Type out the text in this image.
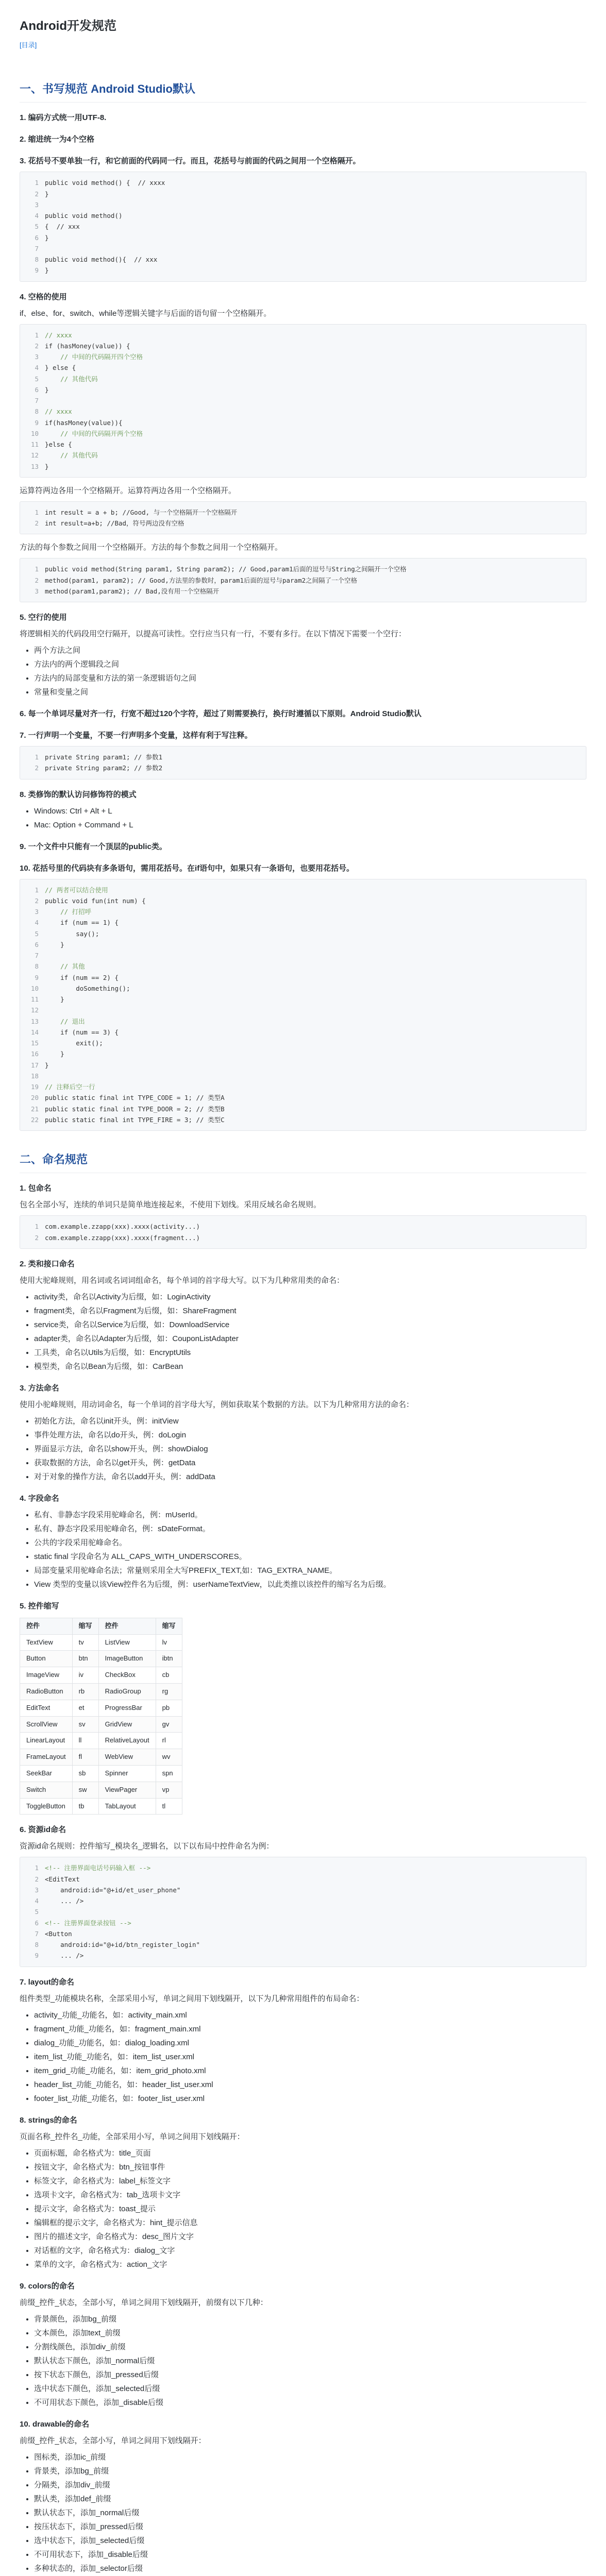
Android开发规范
[目录]
一、书写规范 Android Studio默认
1. 编码方式统一用UTF-8.
2. 缩进统一为4个空格
3. 花括号不要单独一行，和它前面的代码同一行。而且，花括号与前面的代码之间用一个空格隔开。
1 public void method() {  // xxxx
2 }
3
4 public void method()
5 {  // xxx
6 }
7
8 public void method(){  // xxx
9 }
4. 空格的使用

if、else、for、switch、while等逻辑关键字与后面的语句留一个空格隔开。

1 // xxxx
2 if (hasMoney(value)) {
3 // 中间的代码隔开四个空格
4 } else {
5 // 其他代码
6 }
7
8 // xxxx
9 if(hasMoney(value)){
10 // 中间的代码隔开两个空格
11 }else {
12 // 其他代码
13 }

运算符两边各用一个空格隔开。运算符两边各用一个空格隔开。

1 int result = a + b; //Good, 与一个空格隔开一个空格隔开
2 int result=a+b; //Bad，符号两边没有空格

方法的每个参数之间用一个空格隔开。方法的每个参数之间用一个空格隔开。

1 public void method(String param1, String param2); // Good,param1后面的逗号与String之间隔开一个空格
2 method(param1, param2); // Good,方法里的参数时，param1后面的逗号与param2之间隔了一个空格
3 method(param1,param2); // Bad,没有用一个空格隔开
5. 空行的使用

将逻辑相关的代码段用空行隔开，以提高可读性。空行应当只有一行，不要有多行。在以下情况下需要一个空行：

• 两个方法之间
• 方法内的两个逻辑段之间
• 方法内的局部变量和方法的第一条逻辑语句之间
• 常量和变量之间
6. 每一个单词尽量对齐一行，行宽不超过120个字符，超过了则需要换行，换行时遵循以下原则。Android Studio默认
7. 一行声明一个变量，不要一行声明多个变量，这样有利于写注释。
1 private String param1; // 参数1
2 private String param2; // 参数2
8. 类修饰的默认访问修饰符的模式
• Windows: Ctrl + Alt + L
• Mac: Option + Command + L
9. 一个文件中只能有一个顶层的public类。
10. 花括号里的代码块有多条语句，需用花括号。在if语句中，如果只有一条语句，也要用花括号。
1 // 两者可以结合使用
2 public void fun(int num) {
3 // 打招呼
4 if (num == 1) {
5 say();
6 }
7
8 // 其他
9 if (num == 2) {
10 doSomething();
11 }
12
13 // 退出
14 if (num == 3) {
15 exit();
16 }
17 }
18
19 // 注释后空一行
20 public static final int TYPE_CODE = 1; // 类型A
21 public static final int TYPE_DOOR = 2; // 类型B
22 public static final int TYPE_FIRE = 3; // 类型C
二、命名规范
1. 包命名

包名全部小写，连续的单词只是简单地连接起来，不使用下划线。采用反域名命名规则。

1 com.example.zzapp(xxx).xxxx(activity...)
2 com.example.zzapp(xxx).xxxx(fragment...)
2. 类和接口命名

使用大驼峰规则，用名词或名词词组命名，每个单词的首字母大写。以下为几种常用类的命名：

• activity类，命名以Activity为后缀，如：LoginActivity
• fragment类，命名以Fragment为后缀，如：ShareFragment
• service类，命名以Service为后缀，如：DownloadService
• adapter类，命名以Adapter为后缀，如：CouponListAdapter
• 工具类，命名以Utils为后缀，如：EncryptUtils
• 模型类，命名以Bean为后缀，如：CarBean
3. 方法命名

使用小驼峰规则，用动词命名，每一个单词的首字母大写，例如获取某个数据的方法。以下为几种常用方法的命名：

• 初始化方法，命名以init开头，例：initView
• 事件处理方法，命名以do开头，例：doLogin
• 界面显示方法，命名以show开头，例：showDialog
• 获取数据的方法，命名以get开头，例：getData
• 对于对象的操作方法，命名以add开头，例：addData
4. 字段命名
• 私有、非静态字段采用驼峰命名，例：mUserId。
• 私有、静态字段采用驼峰命名，例：sDateFormat。
• 公共的字段采用驼峰命名。
• static final 字段命名为 ALL_CAPS_WITH_UNDERSCORES。
• 局部变量采用驼峰命名法；常量则采用全大写PREFIX_TEXT,如：TAG_EXTRA_NAME。
• View 类型的变量以该View控件名为后缀，例：userNameTextView，以此类推以该控件的缩写名为后缀。
5. 控件缩写
控件	缩写	控件	缩写
TextView	tv	ListView	lv
Button	btn	ImageButton	ibtn
ImageView	iv	CheckBox	cb
RadioButton	rb	RadioGroup	rg
EditText	et	ProgressBar	pb
ScrollView	sv	GridView	gv
LinearLayout	ll	RelativeLayout	rl
FrameLayout	fl	WebView	wv
SeekBar	sb	Spinner	spn
Switch	sw	ViewPager	vp
ToggleButton	tb	TabLayout	tl
6. 资源id命名

资源id命名规则：控件缩写_模块名_逻辑名，以下以布局中控件命名为例：

1 <!-- 注册界面电话号码输入框 -->
2 <EditText
3 android:id="@+id/et_user_phone"
4 ... />
5
6 <!-- 注册界面登录按钮 -->
7 <Button
8 android:id="@+id/btn_register_login"
9 ... />
7. layout的命名

组件类型_功能模块名称，全部采用小写，单词之间用下划线隔开，以下为几种常用组件的布局命名：

• activity_功能_功能名，如：activity_main.xml
• fragment_功能_功能名，如：fragment_main.xml
• dialog_功能_功能名，如：dialog_loading.xml
• item_list_功能_功能名，如：item_list_user.xml
• item_grid_功能_功能名，如：item_grid_photo.xml
• header_list_功能_功能名，如：header_list_user.xml
• footer_list_功能_功能名，如：footer_list_user.xml
8. strings的命名

页面名称_控件名_功能，全部采用小写，单词之间用下划线隔开：

• 页面标题，命名格式为：title_页面
• 按钮文字，命名格式为：btn_按钮事件
• 标签文字，命名格式为：label_标签文字
• 选项卡文字，命名格式为：tab_选项卡文字
• 提示文字，命名格式为：toast_提示
• 编辑框的提示文字，命名格式为：hint_提示信息
• 图片的描述文字，命名格式为：desc_图片文字
• 对话框的文字，命名格式为：dialog_文字
• 菜单的文字，命名格式为：action_文字
9. colors的命名

前缀_控件_状态，全部小写，单词之间用下划线隔开，前缀有以下几种：

• 背景颜色，添加bg_前缀
• 文本颜色，添加text_前缀
• 分割线颜色，添加div_前缀
• 默认状态下颜色，添加_normal后缀
• 按下状态下颜色，添加_pressed后缀
• 选中状态下颜色，添加_selected后缀
• 不可用状态下颜色，添加_disable后缀
10. drawable的命名

前缀_控件_状态，全部小写，单词之间用下划线隔开：

• 图标类，添加ic_前缀
• 背景类，添加bg_前缀
• 分隔类，添加div_前缀
• 默认类，添加def_前缀
• 默认状态下，添加_normal后缀
• 按压状态下，添加_pressed后缀
• 选中状态下，添加_selected后缀
• 不可用状态下，添加_disable后缀
• 多种状态的，添加_selector后缀
